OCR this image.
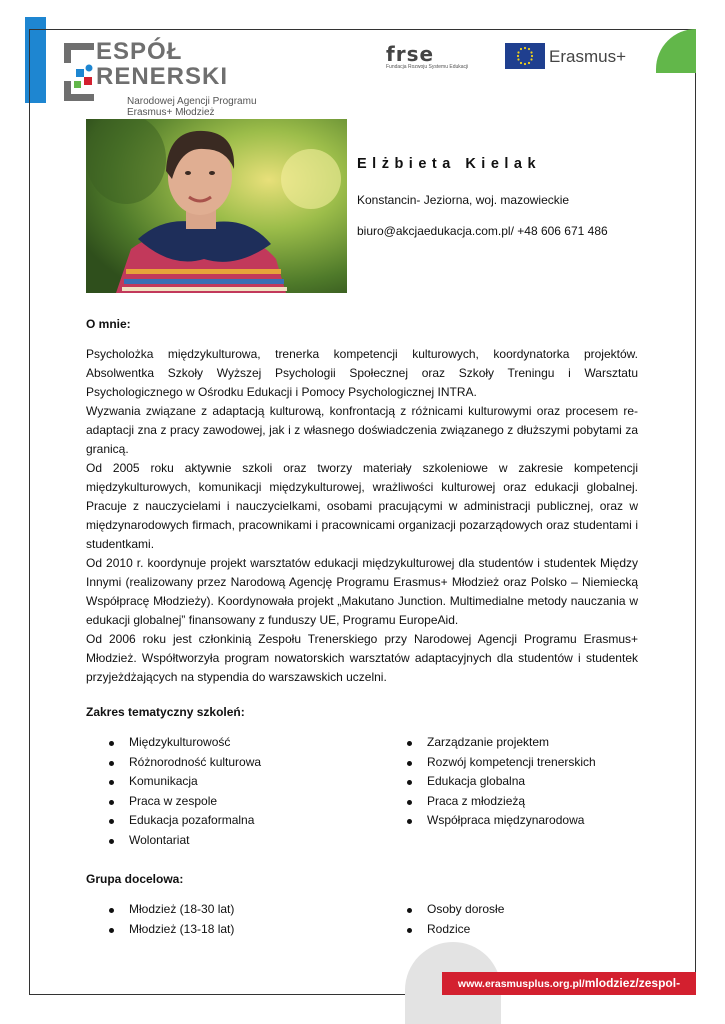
ESPÓŁ
RENERSKI
Narodowej Agencji Programu
Erasmus+ Młodzież
frse
Fundacja Rozwoju Systemu Edukacji
Erasmus+
Elżbieta Kielak
Konstancin- Jeziorna, woj. mazowieckie
biuro@akcjaedukacja.com.pl/ +48 606 671 486
O mnie:

Psycholożka międzykulturowa, trenerka kompetencji kulturowych, koordynatorka projektów. Absolwentka Szkoły Wyższej Psychologii Społecznej oraz Szkoły Treningu i Warsztatu Psychologicznego w Ośrodku Edukacji i Pomocy Psychologicznej INTRA.

Wyzwania związane z adaptacją kulturową, konfrontacją z różnicami kulturowymi oraz procesem re-adaptacji zna z pracy zawodowej, jak i z własnego doświadczenia związanego z dłuższymi pobytami za granicą.

Od 2005 roku aktywnie szkoli oraz tworzy materiały szkoleniowe w zakresie kompetencji międzykulturowych, komunikacji międzykulturowej, wrażliwości kulturowej oraz edukacji globalnej. Pracuje z nauczycielami i nauczycielkami, osobami pracującymi w administracji publicznej, oraz w międzynarodowych firmach, pracownikami i pracownicami organizacji pozarządowych oraz studentami i studentkami.

Od 2010 r. koordynuje projekt warsztatów edukacji międzykulturowej dla studentów i studentek Między Innymi (realizowany przez Narodową Agencję Programu Erasmus+ Młodzież oraz Polsko – Niemiecką Współpracę Młodzieży). Koordynowała projekt „Makutano Junction. Multimedialne metody nauczania w edukacji globalnej” finansowany z funduszy UE, Programu EuropeAid.

Od 2006 roku jest członkinią Zespołu Trenerskiego przy Narodowej Agencji Programu Erasmus+ Młodzież. Współtworzyła program nowatorskich warsztatów adaptacyjnych dla studentów i studentek przyjeżdżających na stypendia do warszawskich uczelni.

Zakres tematyczny szkoleń:
Międzykulturowość
Różnorodność kulturowa
Komunikacja
Praca w zespole
Edukacja pozaformalna
Wolontariat
Zarządzanie projektem
Rozwój kompetencji trenerskich
Edukacja globalna
Praca z młodzieżą
Współpraca międzynarodowa
Grupa docelowa:
Młodzież (18-30 lat)
Młodzież (13-18 lat)
Osoby dorosłe
Rodzice
www.erasmusplus.org.pl/mlodziez/zespol-trenerski
